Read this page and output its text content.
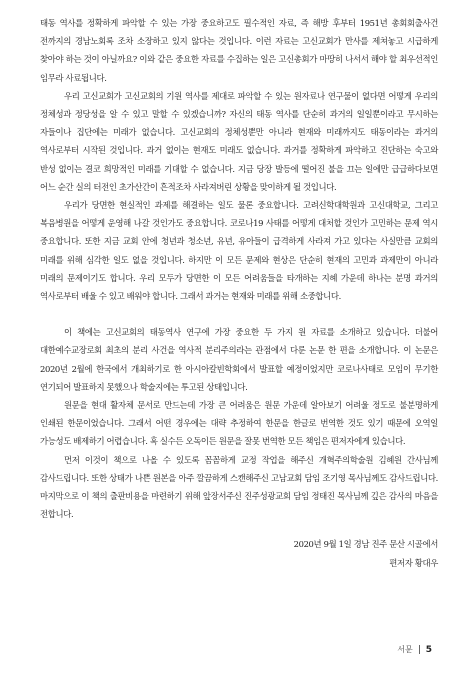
태동 역사를 정확하게 파악할 수 있는 가장 중요하고도 필수적인 자료, 즉 해방 후부터 1951년 총회회출사건 전까지의 경남노회록 조차 소장하고 있지 않다는 것입니다. 이런 자료는 고신교회가 만사를 제쳐놓고 시급하게 찾아야 하는 것이 아닐까요? 이와 같은 중요한 자료를 수집하는 일은 고신총회가 마땅히 나서서 해야 할 최우선적인 임무라 사료됩니다.

우리 고신교회가 고신교회의 기원 역사를 제대로 파악할 수 있는 원자료나 연구물이 없다면 어떻게 우리의 정체성과 정당성을 알 수 있고 말할 수 있겠습니까? 자신의 태동 역사를 단순히 과거의 일일뿐이라고 무시하는 자들이나 집단에는 미래가 없습니다. 고신교회의 정체성뿐만 아니라 현재와 미래까지도 태동이라는 과거의 역사로부터 시작된 것입니다. 과거 없이는 현재도 미래도 없습니다. 과거를 정확하게 파악하고 진단하는 숙고와 반성 없이는 결코 희망적인 미래를 기대할 수 없습니다. 지금 당장 발등에 떨어진 불을 끄는 일에만 급급하다보면 어느 순간 실의 터전인 초가산간이 흔적조차 사라져버린 상황을 맞이하게 될 것입니다.

우리가 당면한 현실적인 과제를 해결하는 일도 물론 중요합니다. 고려신학대학원과 고신대학교, 그리고 복음병원을 어떻게 운영해 나갈 것인가도 중요합니다. 코로나19 사태를 어떻게 대처할 것인가 고민하는 문제 역시 중요합니다. 또한 지금 교회 안에 청년과 청소년, 유년, 유아들이 급격하게 사라져 가고 있다는 사실만큼 교회의 미래를 위해 심각한 일도 없을 것입니다. 하지만 이 모든 문제와 현상은 단순히 현재의 고민과 과제만이 아니라 미래의 문제이기도 합니다. 우리 모두가 당면한 이 모든 어려움들을 타개하는 지혜 가운데 하나는 분명 과거의 역사로부터 배울 수 있고 배워야 합니다. 그래서 과거는 현재와 미래를 위해 소중합니다.

이 책에는 고신교회의 태동역사 연구에 가장 중요한 두 가지 원 자료를 소개하고 있습니다. 더불어 대한예수교장로회 최초의 분리 사건을 역사적 분리주의라는 관점에서 다룬 논문 한 편을 소개합니다. 이 논문은 2020년 2월에 한국에서 개최하기로 한 아시아칼빈학회에서 발표할 예정이었지만 코로나사태로 모임이 무기한 연기되어 발표하지 못했으나 학술지에는 투고된 상태입니다.

원문을 현대 활자체 문서로 만드는데 가장 큰 어려움은 원문 가운데 알아보기 어려울 정도로 불분명하게 인쇄된 한문이었습니다. 그래서 어떤 경우에는 대략 추정하여 한문을 한글로 번역한 것도 있기 때문에 오역일 가능성도 배제하기 어렵습니다. 혹 실수든 오독이든 원문을 잘못 번역한 모든 책임은 편저자에게 있습니다.

먼저 이것이 책으로 나올 수 있도록 꼼꼼하게 교정 작업을 해주신 개혁주의학술원 김혜원 간사님께 감사드립니다. 또한 상태가 나쁜 원본을 아주 깔끔하게 스캔해주신 고남교회 담임 조기영 목사님께도 감사드립니다. 마지막으로 이 책의 출판비용을 마련하기 위해 앞장서주신 진주성광교회 담임 정태진 목사님께 깊은 감사의 마음을 전합니다.

2020년 9월 1일 경남 진주 문산 시골에서
편저자 황대우
서문 5
